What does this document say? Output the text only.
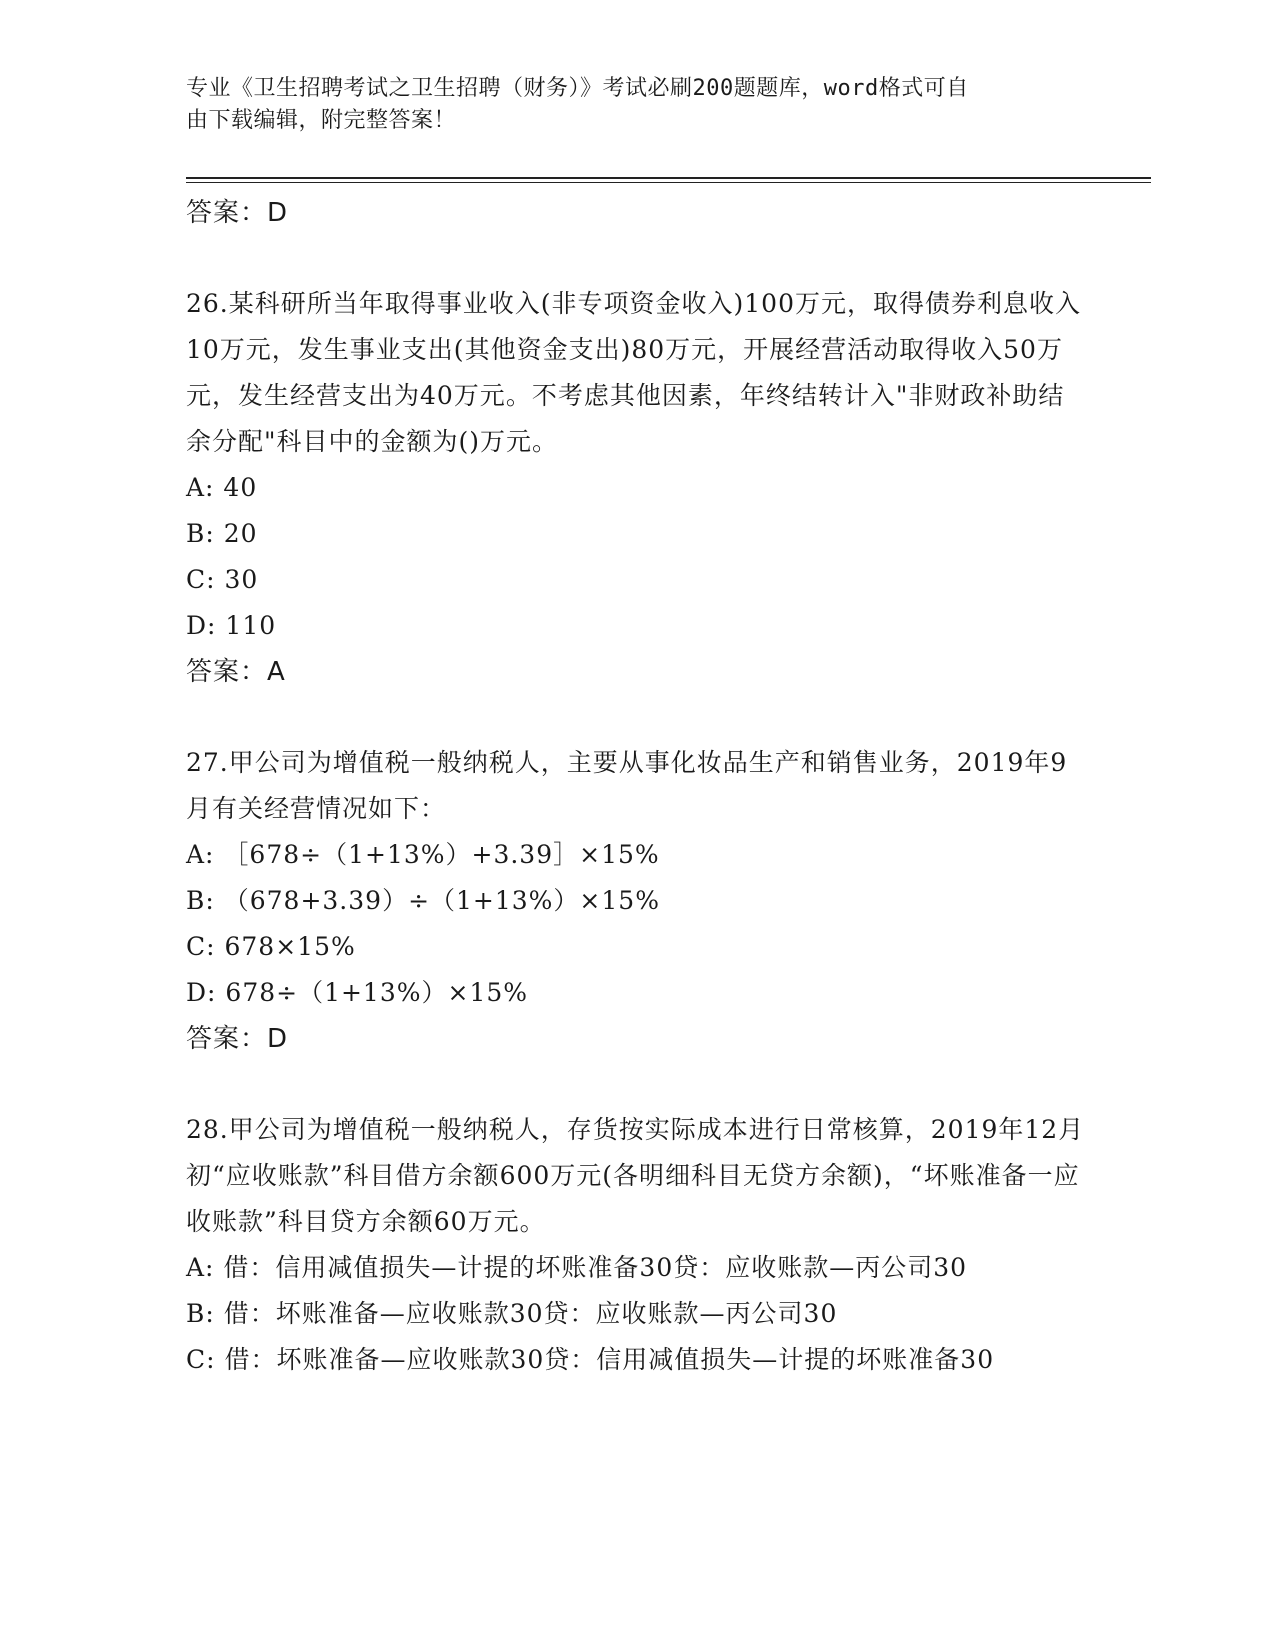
专业《卫生招聘考试之卫生招聘（财务）》考试必刷200题题库，word格式可自
由下载编辑，附完整答案！
答案：D
26.某科研所当年取得事业收入(非专项资金收入)100万元，取得债券利息收入10万元，发生事业支出(其他资金支出)80万元，开展经营活动取得收入50万元，发生经营支出为40万元。不考虑其他因素，年终结转计入"非财政补助结余分配"科目中的金额为()万元。
A: 40
B: 20
C: 30
D: 110
答案：A
27.甲公司为增值税一般纳税人，主要从事化妆品生产和销售业务，2019年9月有关经营情况如下：
A: ［678÷（1+13%）+3.39］×15%
B: （678+3.39）÷（1+13%）×15%
C: 678×15%
D: 678÷（1+13%）×15%
答案：D
28.甲公司为增值税一般纳税人，存货按实际成本进行日常核算，2019年12月初“应收账款”科目借方余额600万元(各明细科目无贷方余额)，“坏账准备一应收账款”科目贷方余额60万元。
A: 借：信用减值损失—计提的坏账准备30贷：应收账款—丙公司30
B: 借：坏账准备—应收账款30贷：应收账款—丙公司30
C: 借：坏账准备—应收账款30贷：信用减值损失—计提的坏账准备30
